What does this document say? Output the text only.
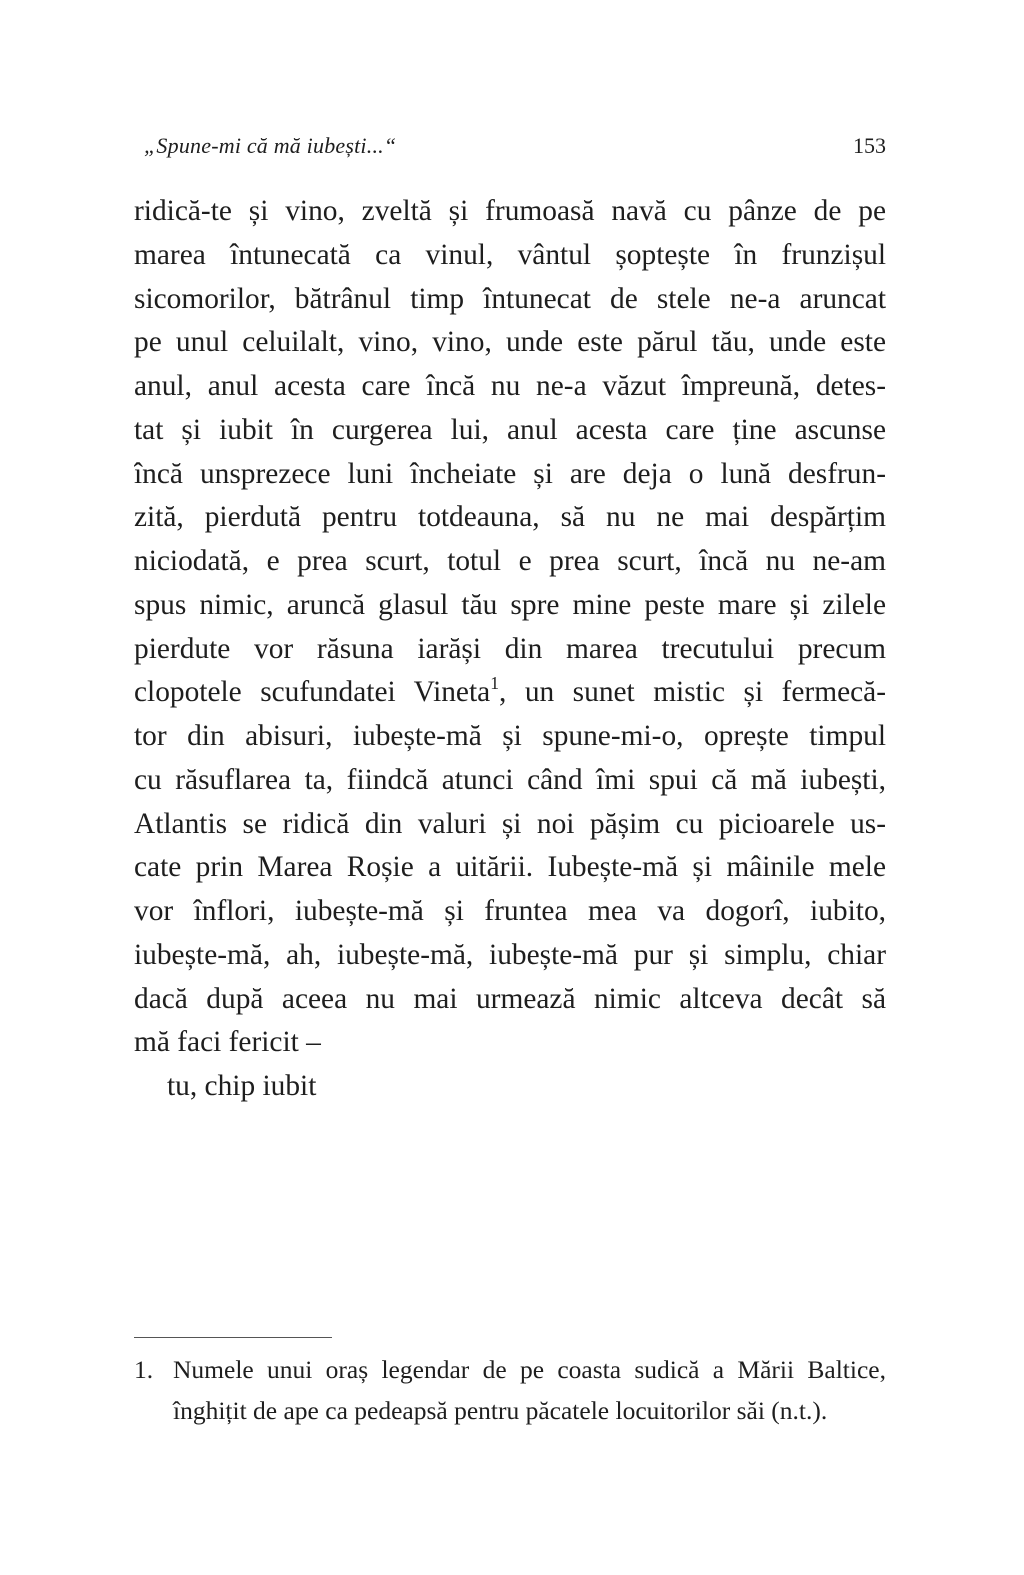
„Spune-mi că mă iubești...“	153
ridică-te și vino, zveltă și frumoasă navă cu pânze de pe
marea întunecată ca vinul, vântul șoptește în frunzișul
sicomorilor, bătrânul timp întunecat de stele ne-a aruncat
pe unul celuilalt, vino, vino, unde este părul tău, unde este
anul, anul acesta care încă nu ne-a văzut împreună, detes-
tat și iubit în curgerea lui, anul acesta care ține ascunse
încă unsprezece luni încheiate și are deja o lună desfrun-
zită, pierdută pentru totdeauna, să nu ne mai despărțim
niciodată, e prea scurt, totul e prea scurt, încă nu ne-am
spus nimic, aruncă glasul tău spre mine peste mare și zilele
pierdute vor răsuna iarăși din marea trecutului precum
clopotele scufundatei Vineta$^1$, un sunet mistic și fermecă-
tor din abisuri, iubește-mă și spune-mi-o, oprește timpul
cu răsuflarea ta, fiindcă atunci când îmi spui că mă iubești,
Atlantis se ridică din valuri și noi pășim cu picioarele us-
cate prin Marea Roșie a uitării. Iubește-mă și mâinile mele
vor înflori, iubește-mă și fruntea mea va dogorî, iubito,
iubește-mă, ah, iubește-mă, iubește-mă pur și simplu, chiar
dacă după aceea nu mai urmează nimic altceva decât să
mă faci fericit –
tu, chip iubit
1. Numele unui oraș legendar de pe coasta sudică a Mării Baltice,
înghițit de ape ca pedeapsă pentru păcatele locuitorilor săi (n.t.).
